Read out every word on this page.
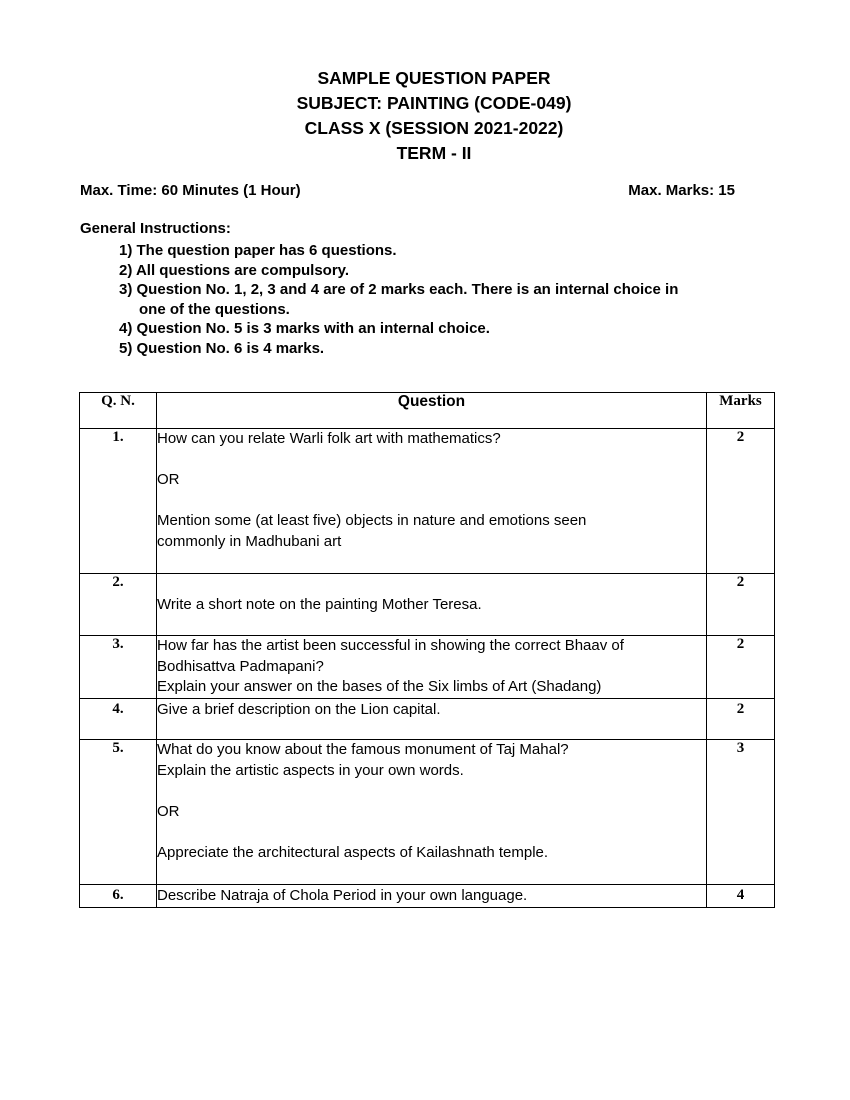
SAMPLE QUESTION PAPER
SUBJECT: PAINTING (CODE-049)
CLASS X (SESSION 2021-2022)
TERM - II
Max. Time: 60 Minutes (1 Hour)	Max. Marks: 15
General Instructions:
1) The question paper has 6 questions.
2) All questions are compulsory.
3) Question No. 1, 2, 3 and 4 are of 2 marks each. There is an internal choice in
one of the questions.
4) Question No. 5 is 3 marks with an internal choice.
5) Question No. 6 is 4 marks.
Q. N.	Question	Marks
1.	How can you relate Warli folk art with mathematics?

OR

Mention some (at least five) objects in nature and emotions seen

commonly in Madhubani art	2
2.	Write a short note on the painting Mother Teresa.	2
3.	How far has the artist been successful in showing the correct Bhaav of

Bodhisattva Padmapani?

Explain your answer on the bases of the Six limbs of Art (Shadang)	2
4.	Give a brief description on the Lion capital.	2
5.	What do you know about the famous monument of Taj Mahal?

Explain the artistic aspects in your own words.

OR

Appreciate the architectural aspects of Kailashnath temple.	3
6.	Describe Natraja of Chola Period in your own language.	4
